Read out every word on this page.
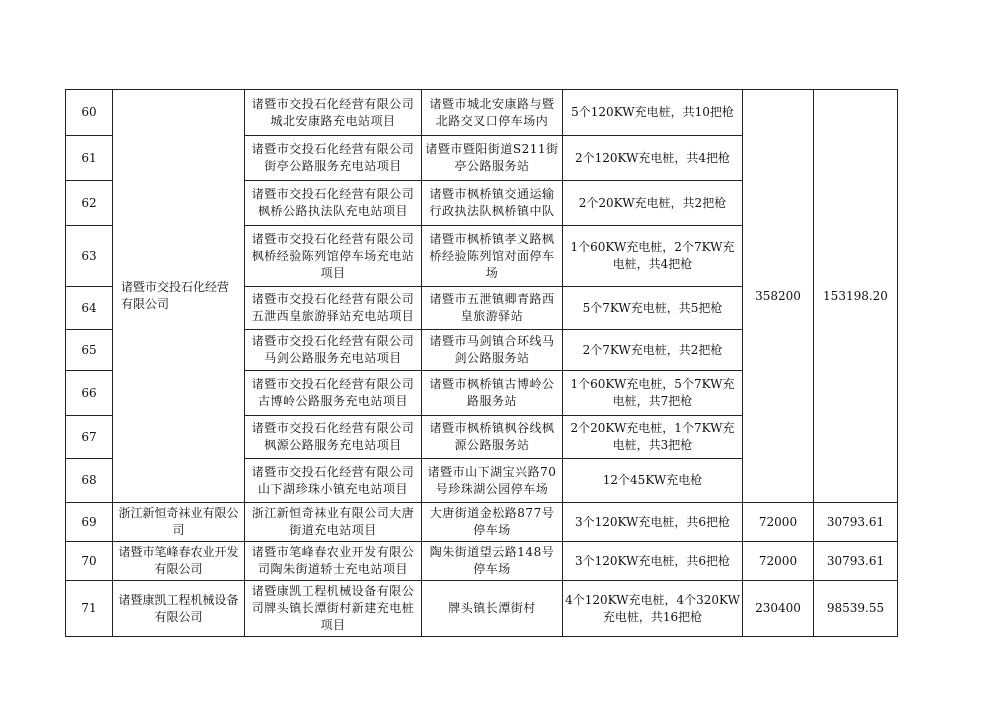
60	诸暨市交投石化经营有限公司	诸暨市交投石化经营有限公司城北安康路充电站项目	诸暨市城北安康路与暨北路交叉口停车场内	5个120KW充电桩，共10把枪	358200	153198.20
61		诸暨市交投石化经营有限公司街亭公路服务充电站项目	诸暨市暨阳街道S211街亭公路服务站	2个120KW充电桩，共4把枪		
62		诸暨市交投石化经营有限公司枫桥公路执法队充电站项目	诸暨市枫桥镇交通运输行政执法队枫桥镇中队	2个20KW充电桩，共2把枪		
63		诸暨市交投石化经营有限公司枫桥经验陈列馆停车场充电站项目	诸暨市枫桥镇孝义路枫桥经验陈列馆对面停车场	1个60KW充电桩，2个7KW充电桩，共4把枪		
64		诸暨市交投石化经营有限公司五泄西皇旅游驿站充电站项目	诸暨市五泄镇卿青路西皇旅游驿站	5个7KW充电桩，共5把枪		
65		诸暨市交投石化经营有限公司马剑公路服务充电站项目	诸暨市马剑镇合环线马剑公路服务站	2个7KW充电桩，共2把枪		
66		诸暨市交投石化经营有限公司古博岭公路服务充电站项目	诸暨市枫桥镇古博岭公路服务站	1个60KW充电桩，5个7KW充电桩，共7把枪		
67		诸暨市交投石化经营有限公司枫源公路服务充电站项目	诸暨市枫桥镇枫谷线枫源公路服务站	2个20KW充电桩，1个7KW充电桩，共3把枪		
68		诸暨市交投石化经营有限公司山下湖珍珠小镇充电站项目	诸暨市山下湖宝兴路70号珍珠湖公园停车场	12个45KW充电枪		
69	浙江新恒奇袜业有限公司	浙江新恒奇袜业有限公司大唐街道充电站项目	大唐街道金松路877号停车场	3个120KW充电桩，共6把枪	72000	30793.61
70	诸暨市笔峰春农业开发有限公司	诸暨市笔峰春农业开发有限公司陶朱街道轿士充电站项目	陶朱街道望云路148号停车场	3个120KW充电桩，共6把枪	72000	30793.61
71	诸暨康凯工程机械设备有限公司	诸暨康凯工程机械设备有限公司牌头镇长潭街村新建充电桩项目	牌头镇长潭街村	4个120KW充电桩，4个320KW充电桩，共16把枪	230400	98539.55
